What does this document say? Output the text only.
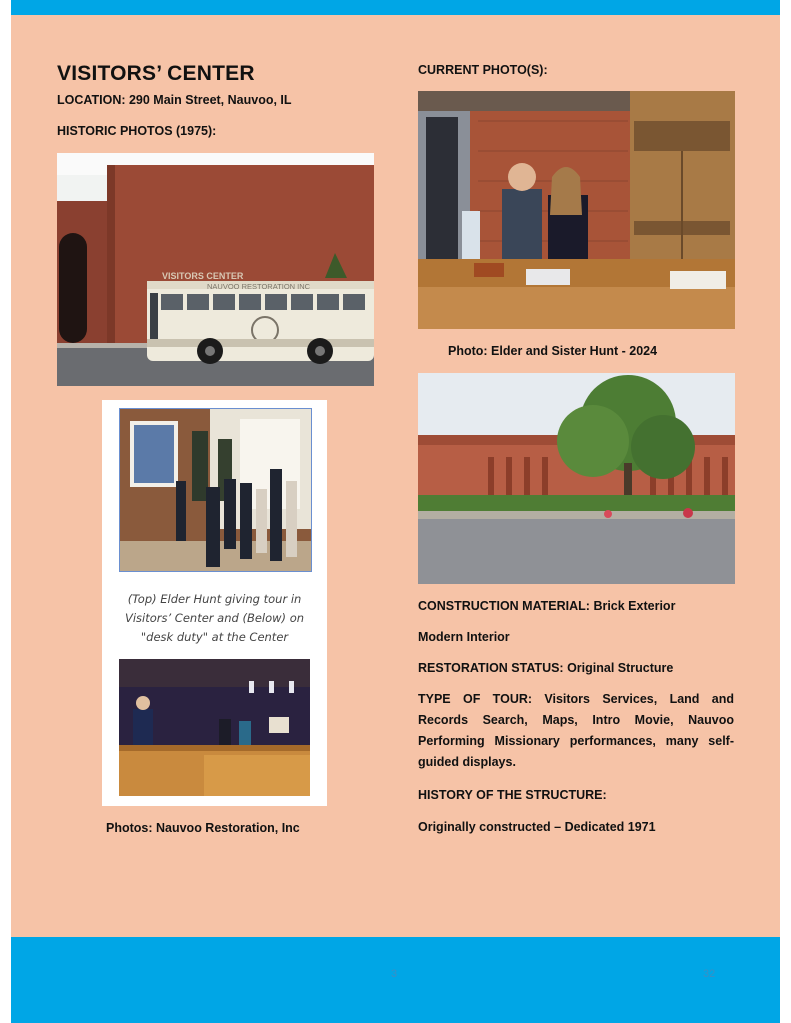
VISITORS’ CENTER
LOCATION: 290 Main Street, Nauvoo, IL
HISTORIC PHOTOS (1975):
CURRENT PHOTO(S):
VISITORS CENTER
NAUVOO RESTORATION INC
(Top) Elder Hunt giving tour in
Visitors’ Center and (Below) on
"desk duty" at the Center
Photos: Nauvoo Restoration, Inc
Photo: Elder and Sister Hunt - 2024
CONSTRUCTION MATERIAL: Brick Exterior
Modern Interior
RESTORATION STATUS: Original Structure
TYPE OF TOUR: Visitors Services, Land and Records Search, Maps, Intro Movie, Nauvoo Performing Missionary performances, many self-guided displays.
HISTORY OF THE STRUCTURE:
Originally constructed – Dedicated 1971
3	32
